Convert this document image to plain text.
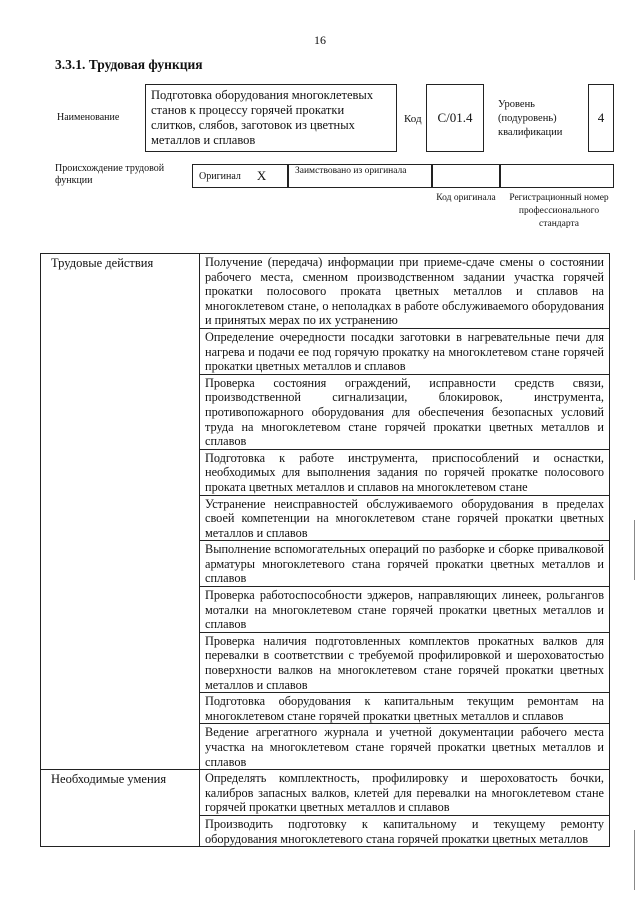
16
3.3.1. Трудовая функция
Наименование
Подготовка оборудования многоклетевых станов к процессу горячей прокатки слитков, слябов, заготовок из цветных металлов и сплавов
Код	С/01.4
Уровень (подуровень) квалификации
4
Происхождение трудовой функции	Оригинал X	Заимствовано из оригинала
Код оригинала	Регистрационный номер профессионального стандарта
Трудовые действия	Получение (передача) информации при приеме-сдаче смены о состоянии рабочего места, сменном производственном задании участка горячей прокатки полосового проката цветных металлов и сплавов на многоклетевом стане, о неполадках в работе обслуживаемого оборудования и принятых мерах по их устранению
	Определение очередности посадки заготовки в нагревательные печи для нагрева и подачи ее под горячую прокатку на многоклетевом стане горячей прокатки цветных металлов и сплавов
	Проверка состояния ограждений, исправности средств связи, производственной сигнализации, блокировок, инструмента, противопожарного оборудования для обеспечения безопасных условий труда на многоклетевом стане горячей прокатки цветных металлов и сплавов
	Подготовка к работе инструмента, приспособлений и оснастки, необходимых для выполнения задания по горячей прокатке полосового проката цветных металлов и сплавов на многоклетевом стане
	Устранение неисправностей обслуживаемого оборудования в пределах своей компетенции на многоклетевом стане горячей прокатки цветных металлов и сплавов
	Выполнение вспомогательных операций по разборке и сборке привалковой арматуры многоклетевого стана горячей прокатки цветных металлов и сплавов
	Проверка работоспособности эджеров, направляющих линеек, рольгангов моталки на многоклетевом стане горячей прокатки цветных металлов и сплавов
	Проверка наличия подготовленных комплектов прокатных валков для перевалки в соответствии с требуемой профилировкой и шероховатостью поверхности валков на многоклетевом стане горячей прокатки цветных металлов и сплавов
	Подготовка оборудования к капитальным текущим ремонтам на многоклетевом стане горячей прокатки цветных металлов и сплавов
	Ведение агрегатного журнала и учетной документации рабочего места участка на многоклетевом стане горячей прокатки цветных металлов и сплавов
Необходимые умения	Определять комплектность, профилировку и шероховатость бочки, калибров запасных валков, клетей для перевалки на многоклетевом стане горячей прокатки цветных металлов и сплавов
	Производить подготовку к капитальному и текущему ремонту оборудования многоклетевого стана горячей прокатки цветных металлов
